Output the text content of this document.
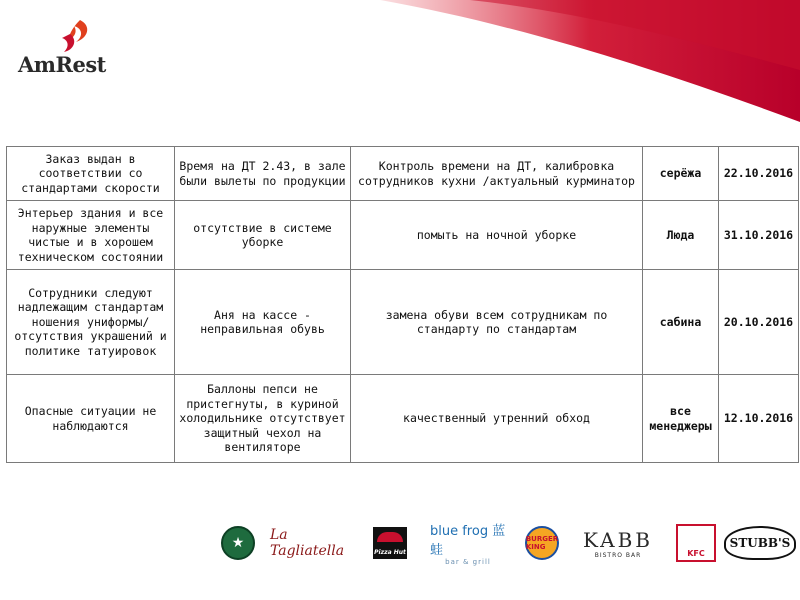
AmRest
Заказ выдан в соответствии со стандартами скорости	Время на ДТ 2.43, в зале были вылеты по продукции	Контроль времени на ДТ, калибровка сотрудников кухни /актуальный курминатор	серёжа	22.10.2016
Энтерьер здания и все наружные элементы чистые и в хорошем техническом состоянии	отсутствие в системе уборке	помыть на ночной уборке	Люда	31.10.2016
Сотрудники следуют надлежащим стандартам ношения униформы/отсутствия украшений и политике татуировок	Аня на кассе - неправильная обувь	замена обуви всем сотрудникам по стандарту по стандартам	сабина	20.10.2016
Опасные ситуации не наблюдаются	Баллоны пепси не пристегнуты, в куриной холодильнике отсутствует защитный чехол на вентиляторе	качественный утренний обход	все менеджеры	12.10.2016
★	La Tagliatella	Pizza Hut
blue frog 蓝蛙
bar & grill
BURGER KING	KABB
BISTRO BAR	KFC
STUBB'S
